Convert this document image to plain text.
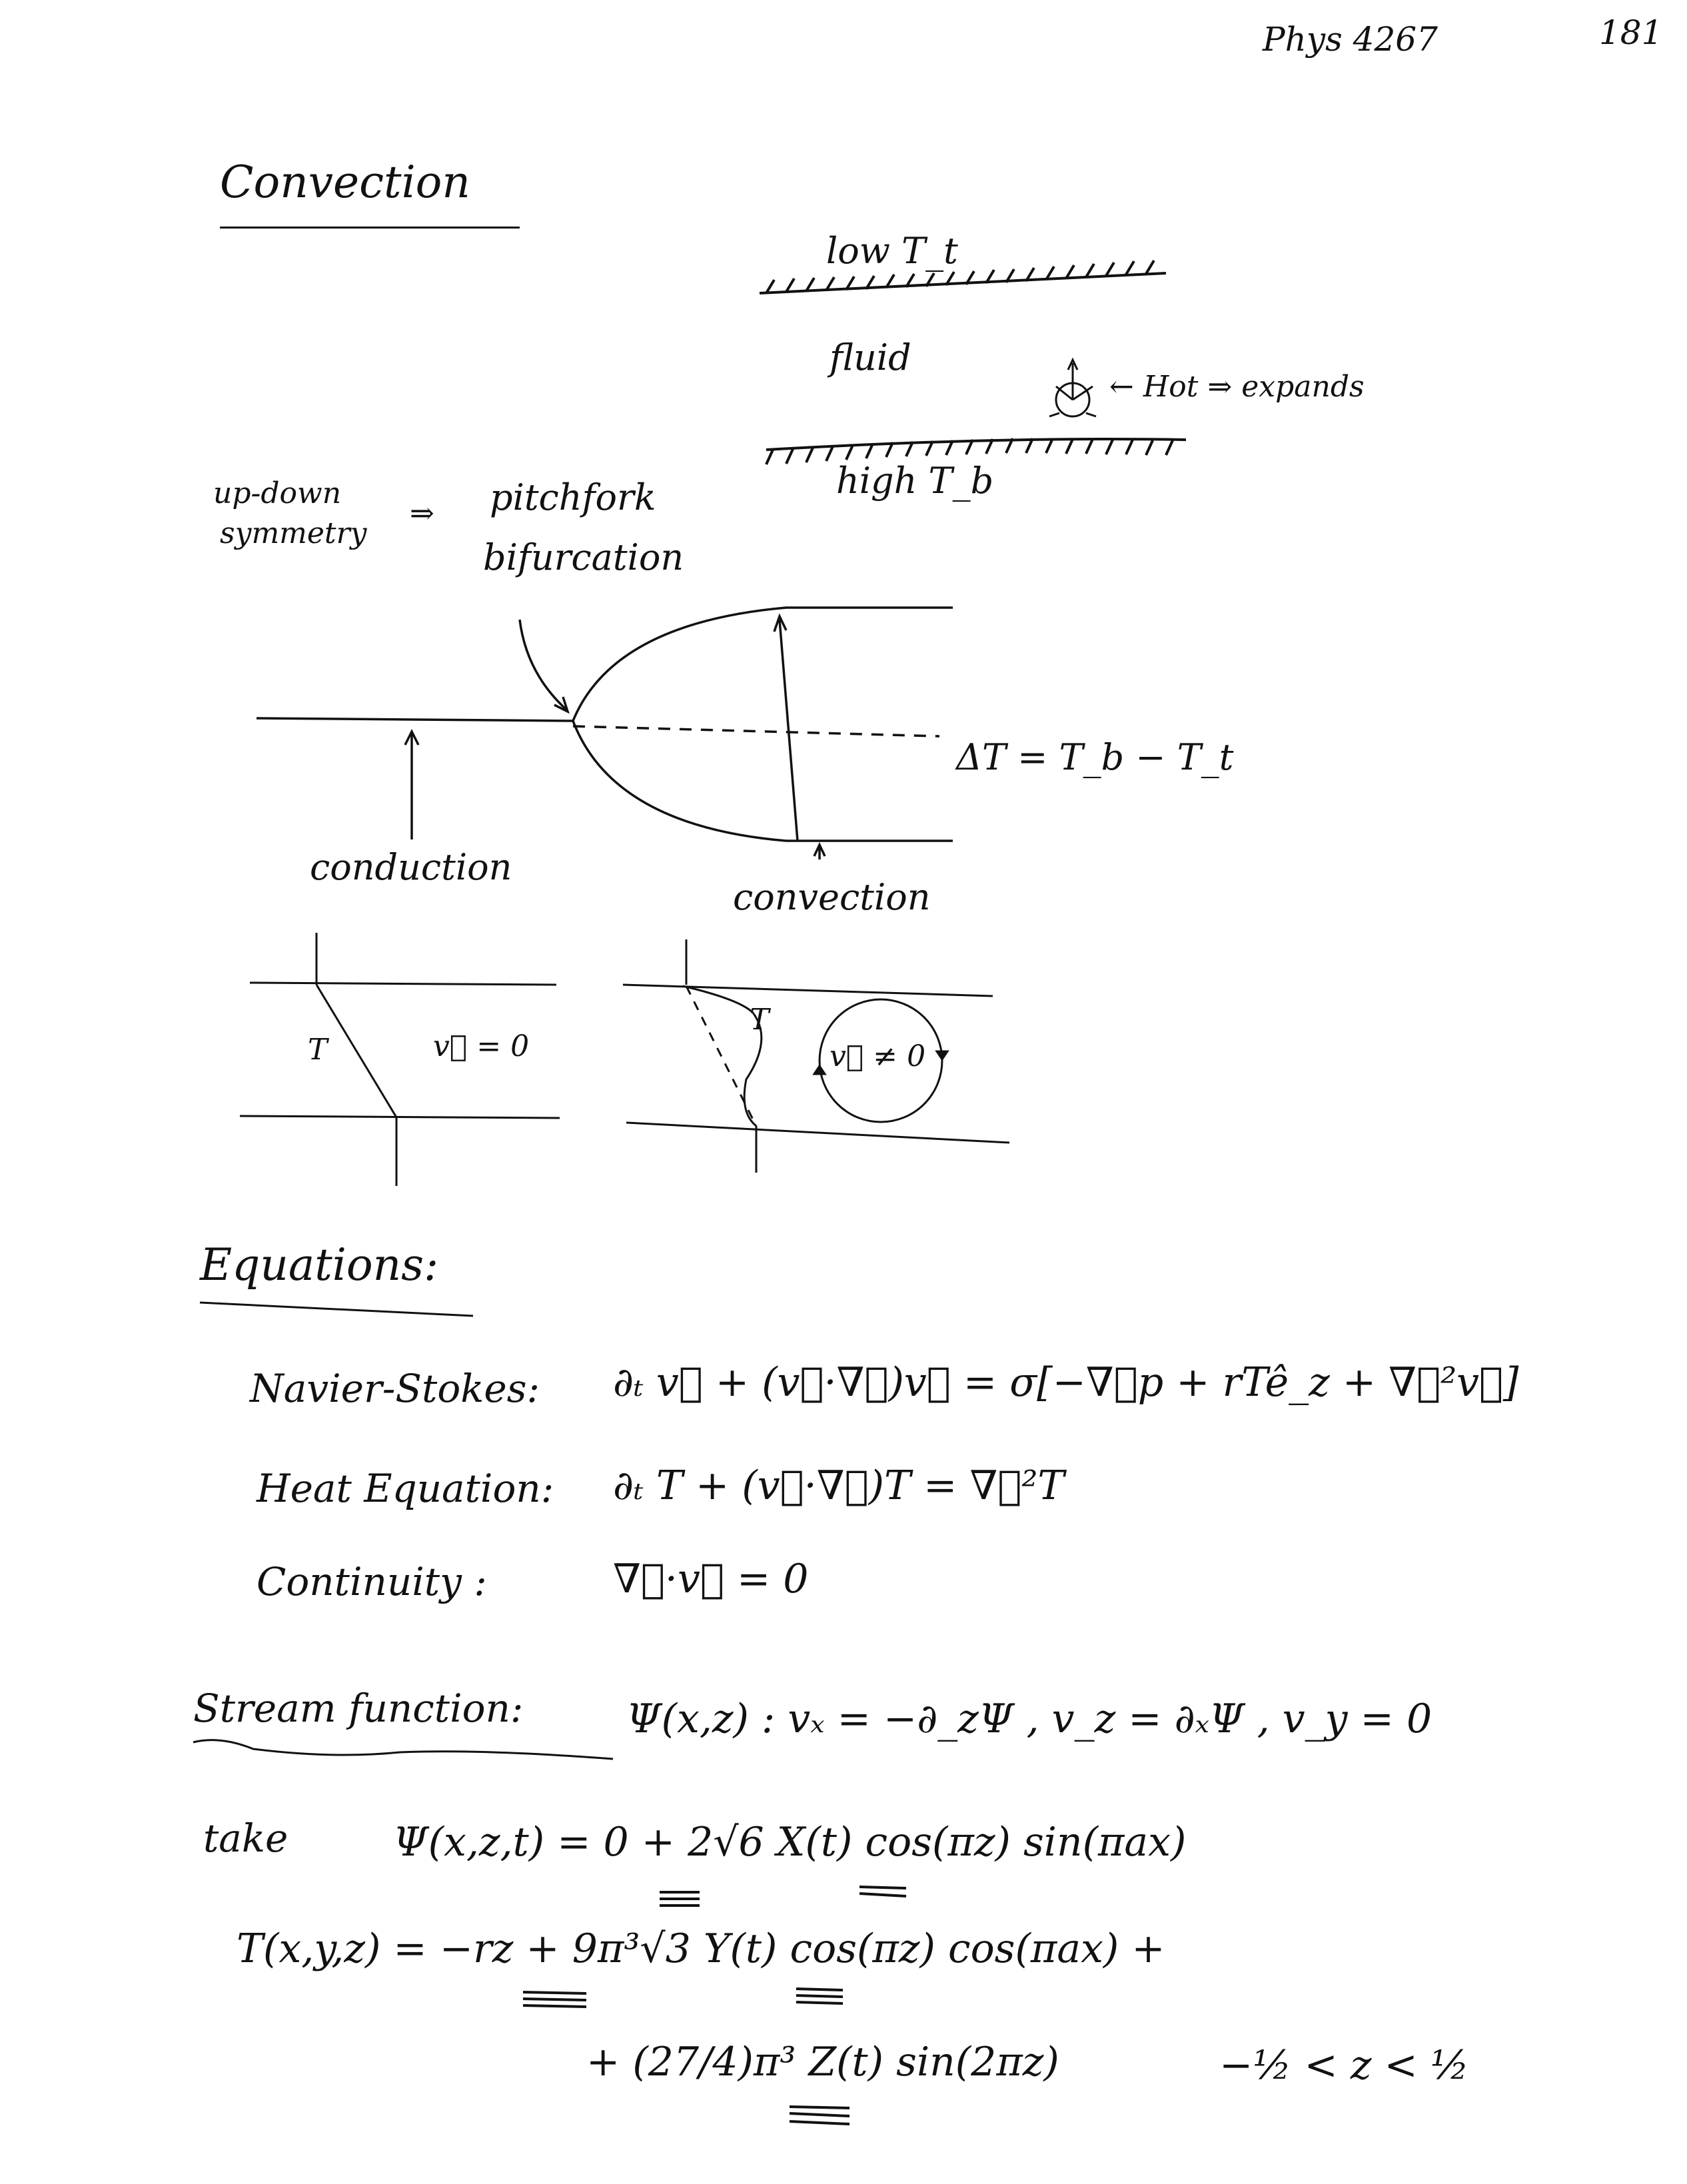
Phys 4267	181
Convection
low T_t
fluid
← Hot ⇒ expands
high T_b
up-down
symmetry
⇒ pitchfork
bifurcation
ΔT = T_b − T_t
conduction
convection
T	v⃗ = 0
T
v⃗ ≠ 0
Equations:
Navier-Stokes: ∂ₜ v⃗ + (v⃗·∇⃗)v⃗ = σ[−∇⃗p + rTê_z + ∇⃗²v⃗]
Heat Equation: ∂ₜ T + (v⃗·∇⃗)T = ∇⃗²T
Continuity :	∇⃗·v⃗ = 0
Stream function:	Ψ(x,z) : vₓ = −∂_zΨ , v_z = ∂ₓΨ , v_y = 0
take	Ψ(x,z,t) = 0 + 2√6 X(t) cos(πz) sin(πax)
T(x,y,z) = −rz + 9π³√3 Y(t) cos(πz) cos(πax) +
+ (27/4)π³ Z(t) sin(2πz)	−½ < z < ½
